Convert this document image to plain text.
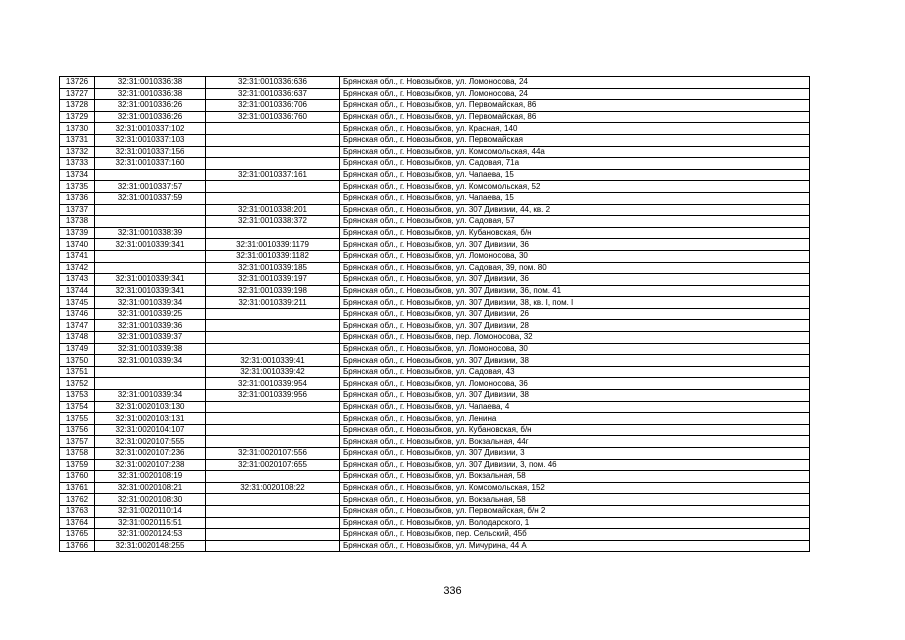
13726	32:31:0010336:38	32:31:0010336:636	Брянская обл., г. Новозыбков, ул. Ломоносова, 24
13727	32:31:0010336:38	32:31:0010336:637	Брянская обл., г. Новозыбков, ул. Ломоносова, 24
13728	32:31:0010336:26	32:31:0010336:706	Брянская обл., г. Новозыбков, ул. Первомайская, 86
13729	32:31:0010336:26	32:31:0010336:760	Брянская обл., г. Новозыбков, ул. Первомайская, 86
13730	32:31:0010337:102		Брянская обл., г. Новозыбков, ул. Красная, 140
13731	32:31:0010337:103		Брянская обл., г. Новозыбков, ул. Первомайская
13732	32:31:0010337:156		Брянская обл., г. Новозыбков, ул. Комсомольская, 44а
13733	32:31:0010337:160		Брянская обл., г. Новозыбков, ул. Садовая, 71а
13734		32:31:0010337:161	Брянская обл., г. Новозыбков, ул. Чапаева, 15
13735	32:31:0010337:57		Брянская обл., г. Новозыбков, ул. Комсомольская, 52
13736	32:31:0010337:59		Брянская обл., г. Новозыбков, ул. Чапаева, 15
13737		32:31:0010338:201	Брянская обл., г. Новозыбков, ул. 307 Дивизии, 44, кв. 2
13738		32:31:0010338:372	Брянская обл., г. Новозыбков, ул. Садовая, 57
13739	32:31:0010338:39		Брянская обл., г. Новозыбков, ул. Кубановская, б/н
13740	32:31:0010339:341	32:31:0010339:1179	Брянская обл., г. Новозыбков, ул. 307 Дивизии, 36
13741		32:31:0010339:1182	Брянская обл., г. Новозыбков, ул. Ломоносова, 30
13742		32:31:0010339:185	Брянская обл., г. Новозыбков, ул. Садовая, 39, пом. 80
13743	32:31:0010339:341	32:31:0010339:197	Брянская обл., г. Новозыбков, ул. 307 Дивизии, 36
13744	32:31:0010339:341	32:31:0010339:198	Брянская обл., г. Новозыбков, ул. 307 Дивизии, 36, пом. 41
13745	32:31:0010339:34	32:31:0010339:211	Брянская обл., г. Новозыбков, ул. 307 Дивизии, 38, кв. I, пом. I
13746	32:31:0010339:25		Брянская обл., г. Новозыбков, ул. 307 Дивизии, 26
13747	32:31:0010339:36		Брянская обл., г. Новозыбков, ул. 307 Дивизии, 28
13748	32:31:0010339:37		Брянская обл., г. Новозыбков, пер. Ломоносова, 32
13749	32:31:0010339:38		Брянская обл., г. Новозыбков, ул. Ломоносова, 30
13750	32:31:0010339:34	32:31:0010339:41	Брянская обл., г. Новозыбков, ул. 307 Дивизии, 38
13751		32:31:0010339:42	Брянская обл., г. Новозыбков, ул. Садовая, 43
13752		32:31:0010339:954	Брянская обл., г. Новозыбков, ул. Ломоносова, 36
13753	32:31:0010339:34	32:31:0010339:956	Брянская обл., г. Новозыбков, ул. 307 Дивизии, 38
13754	32:31:0020103:130		Брянская обл., г. Новозыбков, ул. Чапаева, 4
13755	32:31:0020103:131		Брянская обл., г. Новозыбков, ул. Ленина
13756	32:31:0020104:107		Брянская обл., г. Новозыбков, ул. Кубановская, б/н
13757	32:31:0020107:555		Брянская обл., г. Новозыбков, ул. Вокзальная, 44г
13758	32:31:0020107:236	32:31:0020107:556	Брянская обл., г. Новозыбков, ул. 307 Дивизии, 3
13759	32:31:0020107:238	32:31:0020107:655	Брянская обл., г. Новозыбков, ул. 307 Дивизии, 3, пом. 46
13760	32:31:0020108:19		Брянская обл., г. Новозыбков, ул. Вокзальная, 58
13761	32:31:0020108:21	32:31:0020108:22	Брянская обл., г. Новозыбков, ул. Комсомольская, 152
13762	32:31:0020108:30		Брянская обл., г. Новозыбков, ул. Вокзальная, 58
13763	32:31:0020110:14		Брянская обл., г. Новозыбков, ул. Первомайская, б/н 2
13764	32:31:0020115:51		Брянская обл., г. Новозыбков, ул. Володарского, 1
13765	32:31:0020124:53		Брянская обл., г. Новозыбков, пер. Сельский, 45б
13766	32:31:0020148:255		Брянская обл., г. Новозыбков, ул. Мичурина, 44 А
336
